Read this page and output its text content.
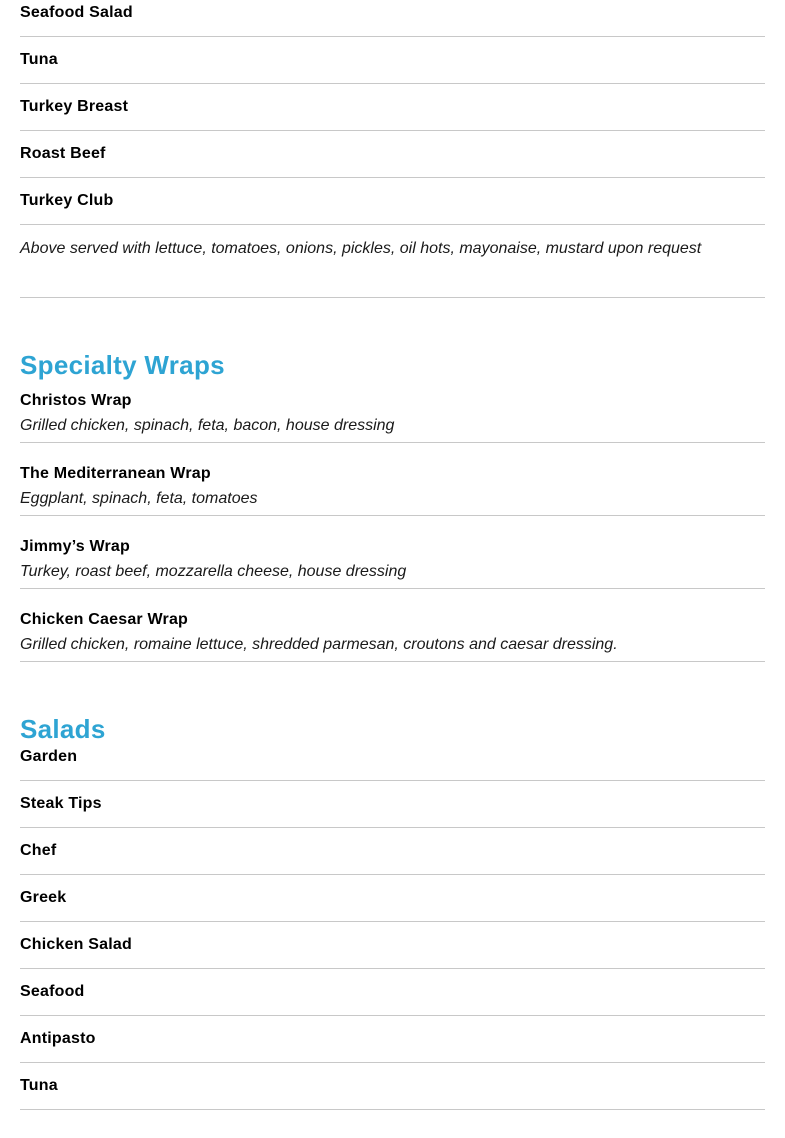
Seafood Salad
Tuna
Turkey Breast
Roast Beef
Turkey Club
Above served with lettuce, tomatoes, onions, pickles, oil hots, mayonaise, mustard upon request
Specialty Wraps
Christos Wrap
Grilled chicken, spinach, feta, bacon, house dressing
The Mediterranean Wrap
Eggplant, spinach, feta, tomatoes
Jimmy’s Wrap
Turkey, roast beef, mozzarella cheese, house dressing
Chicken Caesar Wrap
Grilled chicken, romaine lettuce, shredded parmesan, croutons and caesar dressing.
Salads
Garden
Steak Tips
Chef
Greek
Chicken Salad
Seafood
Antipasto
Tuna
